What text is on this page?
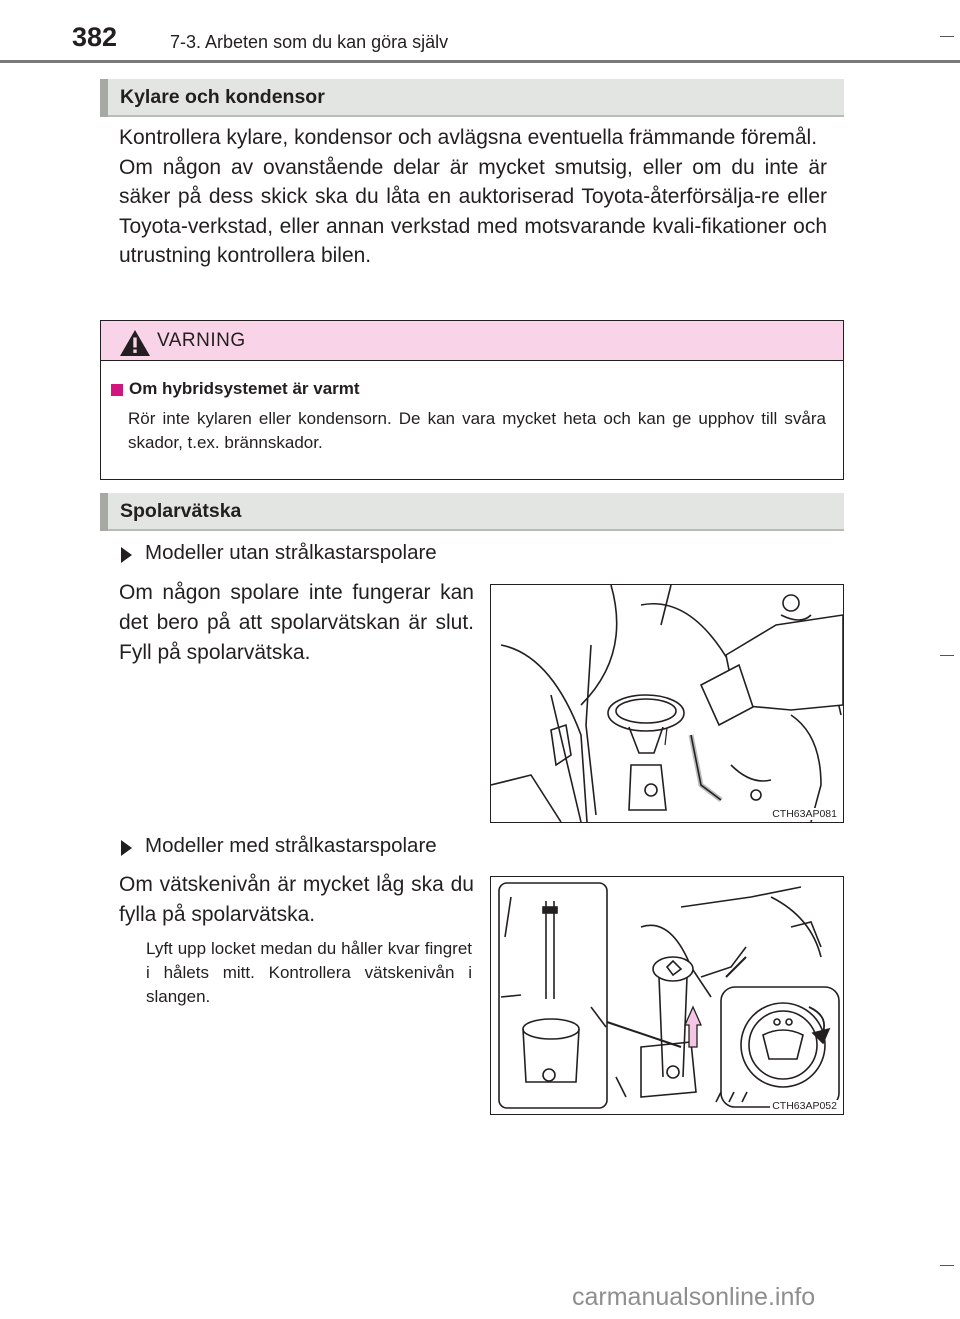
382	7-3. Arbeten som du kan göra själv
Kylare och kondensor

Kontrollera kylare, kondensor och avlägsna eventuella främmande föremål.

Om någon av ovanstående delar är mycket smutsig, eller om du inte är säker på dess skick ska du låta en auktoriserad Toyota-återförsälja-re eller Toyota-verkstad, eller annan verkstad med motsvarande kvali-fikationer och utrustning kontrollera bilen.

VARNING
Om hybridsystemet är varmt
Rör inte kylaren eller kondensorn. De kan vara mycket heta och kan ge upphov till svåra skador, t.ex. brännskador.
Spolarvätska
Modeller utan strålkastarspolare
Om någon spolare inte fungerar kan det bero på att spolarvätskan är slut. Fyll på spolarvätska.
CTH63AP081
Modeller med strålkastarspolare
Om vätskenivån är mycket låg ska du fylla på spolarvätska.
Lyft upp locket medan du håller kvar fingret i hålets mitt. Kontrollera vätskenivån i slangen.
CTH63AP052
carmanualsonline.info
